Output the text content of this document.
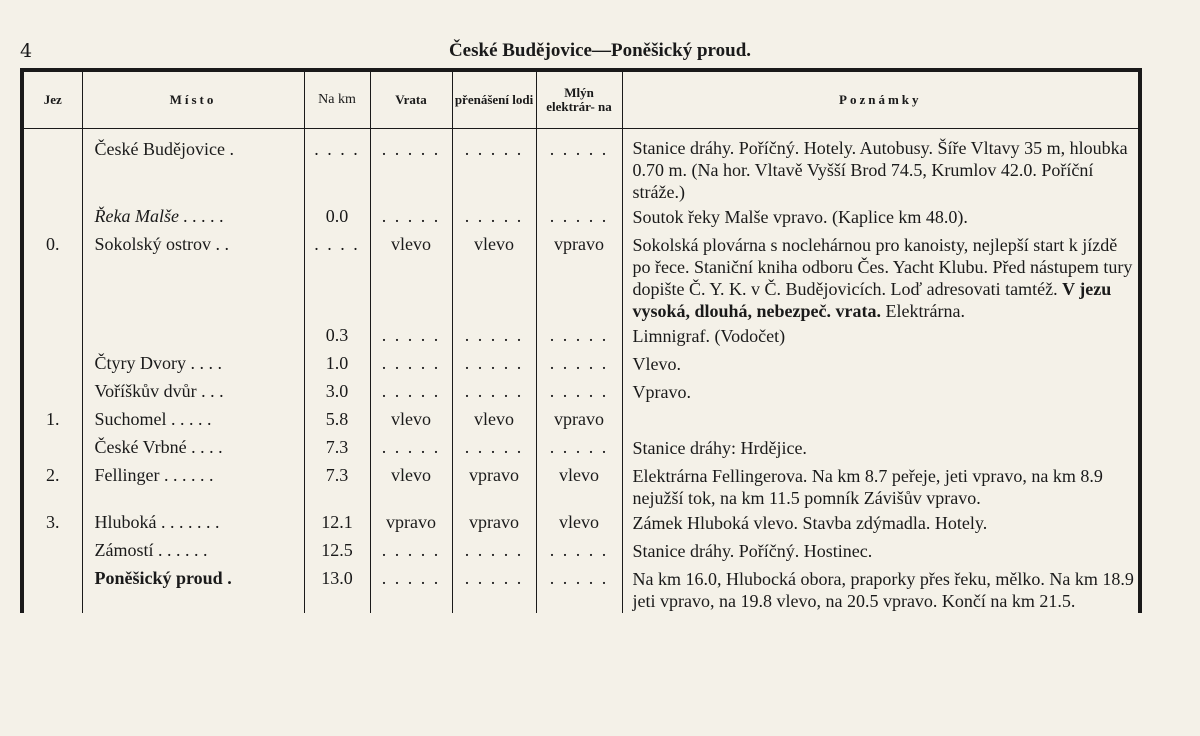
4	České Budějovice—Poněšický proud.
Jez	Místo	Na km	Vrata	přenášení lodi	Mlýn elektrár- na	Poznámky
	České Budějovice .	. . . .	. . . . .	. . . . .	. . . . .	Stanice dráhy. Poříčný. Hotely. Autobusy. Šíře Vltavy 35 m, hloubka 0.70 m. (Na hor. Vltavě Vyšší Brod 74.5, Krumlov 42.0. Poříční stráže.)
	Řeka Malše . . . . .	0.0	. . . . .	. . . . .	. . . . .	Soutok řeky Malše vpravo. (Kaplice km 48.0).
0.	Sokolský ostrov . .	. . . .	vlevo	vlevo	vpravo	Sokolská plovárna s noclehárnou pro kanoisty, nejlepší start k jízdě po řece. Staniční kniha odboru Čes. Yacht Klubu. Před nástupem tury dopište Č. Y. K. v Č. Budějovicích. Loď adresovati tamtéž. V jezu vysoká, dlouhá, nebezpeč. vrata. Elektrárna.
		0.3	. . . . .	. . . . .	. . . . .	Limnigraf. (Vodočet)
	Čtyry Dvory . . . .	1.0	. . . . .	. . . . .	. . . . .	Vlevo.
	Voříškův dvůr . . .	3.0	. . . . .	. . . . .	. . . . .	Vpravo.
1.	Suchomel . . . . .	5.8	vlevo	vlevo	vpravo	
	České Vrbné . . . .	7.3	. . . . .	. . . . .	. . . . .	Stanice dráhy: Hrdějice.
2.	Fellinger . . . . . .	7.3	vlevo	vpravo	vlevo	Elektrárna Fellingerova. Na km 8.7 peřeje, jeti vpravo, na km 8.9 nejužší tok, na km 11.5 pomník Závišův vpravo.
3.	Hluboká . . . . . . .	12.1	vpravo	vpravo	vlevo	Zámek Hluboká vlevo. Stavba zdýmadla. Hotely.
	Zámostí . . . . . .	12.5	. . . . .	. . . . .	. . . . .	Stanice dráhy. Poříčný. Hostinec.
	Poněšický proud .	13.0	. . . . .	. . . . .	. . . . .	Na km 16.0, Hlubocká obora, praporky přes řeku, mělko. Na km 18.9 jeti vpravo, na 19.8 vlevo, na 20.5 vpravo. Končí na km 21.5.
